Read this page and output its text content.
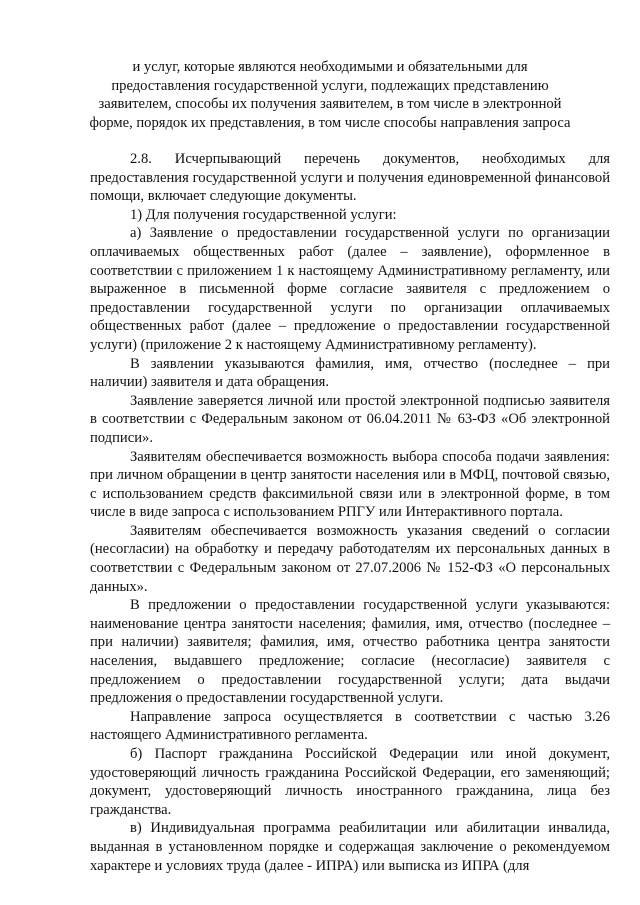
и услуг, которые являются необходимыми и обязательными для
предоставления государственной услуги, подлежащих представлению
заявителем, способы их получения заявителем, в том числе в электронной
форме, порядок их представления, в том числе способы направления запроса

2.8. Исчерпывающий перечень документов, необходимых для предоставления государственной услуги и получения единовременной финансовой помощи, включает следующие документы.

1) Для получения государственной услуги:

а) Заявление о предоставлении государственной услуги по организации оплачиваемых общественных работ (далее – заявление), оформленное в соответствии с приложением 1 к настоящему Административному регламенту, или выраженное в письменной форме согласие заявителя с предложением о предоставлении государственной услуги по организации оплачиваемых общественных работ (далее – предложение о предоставлении государственной услуги) (приложение 2 к настоящему Административному регламенту).

В заявлении указываются фамилия, имя, отчество (последнее – при наличии) заявителя и дата обращения.

Заявление заверяется личной или простой электронной подписью заявителя в соответствии с Федеральным законом от 06.04.2011 № 63-ФЗ «Об электронной подписи».

Заявителям обеспечивается возможность выбора способа подачи заявления: при личном обращении в центр занятости населения или в МФЦ, почтовой связью, с использованием средств факсимильной связи или в электронной форме, в том числе в виде запроса с использованием РПГУ или Интерактивного портала.

Заявителям обеспечивается возможность указания сведений о согласии (несогласии) на обработку и передачу работодателям их персональных данных в соответствии с Федеральным законом от 27.07.2006 № 152-ФЗ «О персональных данных».

В предложении о предоставлении государственной услуги указываются: наименование центра занятости населения; фамилия, имя, отчество (последнее – при наличии) заявителя; фамилия, имя, отчество работника центра занятости населения, выдавшего предложение; согласие (несогласие) заявителя с предложением о предоставлении государственной услуги; дата выдачи предложения о предоставлении государственной услуги.

Направление запроса осуществляется в соответствии с частью 3.26 настоящего Административного регламента.

б) Паспорт гражданина Российской Федерации или иной документ, удостоверяющий личность гражданина Российской Федерации, его заменяющий; документ, удостоверяющий личность иностранного гражданина, лица без гражданства.

в) Индивидуальная программа реабилитации или абилитации инвалида, выданная в установленном порядке и содержащая заключение о рекомендуемом характере и условиях труда (далее - ИПРА) или выписка из ИПРА (для
